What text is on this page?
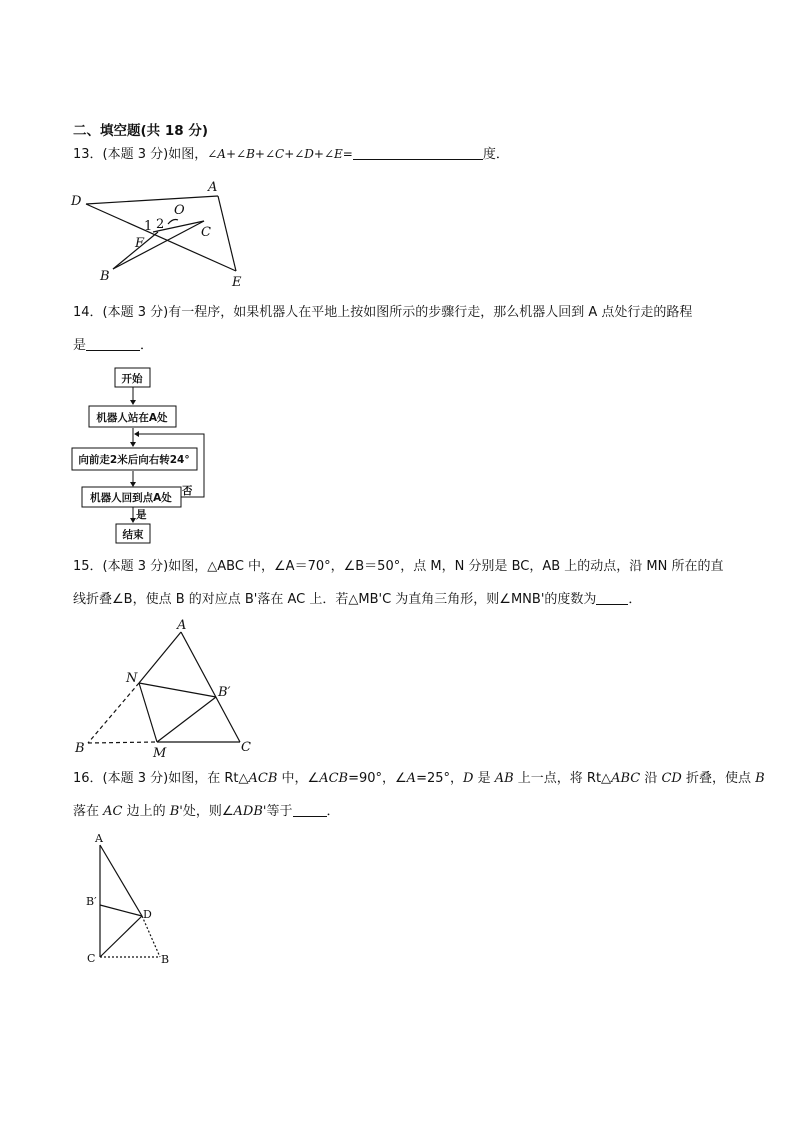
二、填空题(共 18 分)
13．(本题 3 分)如图，∠A+∠B+∠C+∠D+∠E=	度．
D
A
O
1 2
C
F
B	E
14．(本题 3 分)有一程序，如果机器人在平地上按如图所示的步骤行走，那么机器人回到 A 点处行走的路程
是	．
开始
机器人站在A处
向前走2米后向右转24°
机器人回到点A处
否
是
结束
15．(本题 3 分)如图，△ABC 中，∠A＝70°，∠B＝50°，点 M，N 分别是 BC，AB 上的动点，沿 MN 所在的直
线折叠∠B，使点 B 的对应点 B'落在 AC 上．若△MB'C 为直角三角形，则∠MNB'的度数为 ．
A
N
B′
B	M	C
16．(本题 3 分)如图，在 Rt△ACB 中，∠ACB=90°，∠A=25°，D 是 AB 上一点，将 Rt△ABC 沿 CD 折叠，使点 B
落在 AC 边上的 B'处，则∠ADB'等于	．
A
B′
D
C	B
